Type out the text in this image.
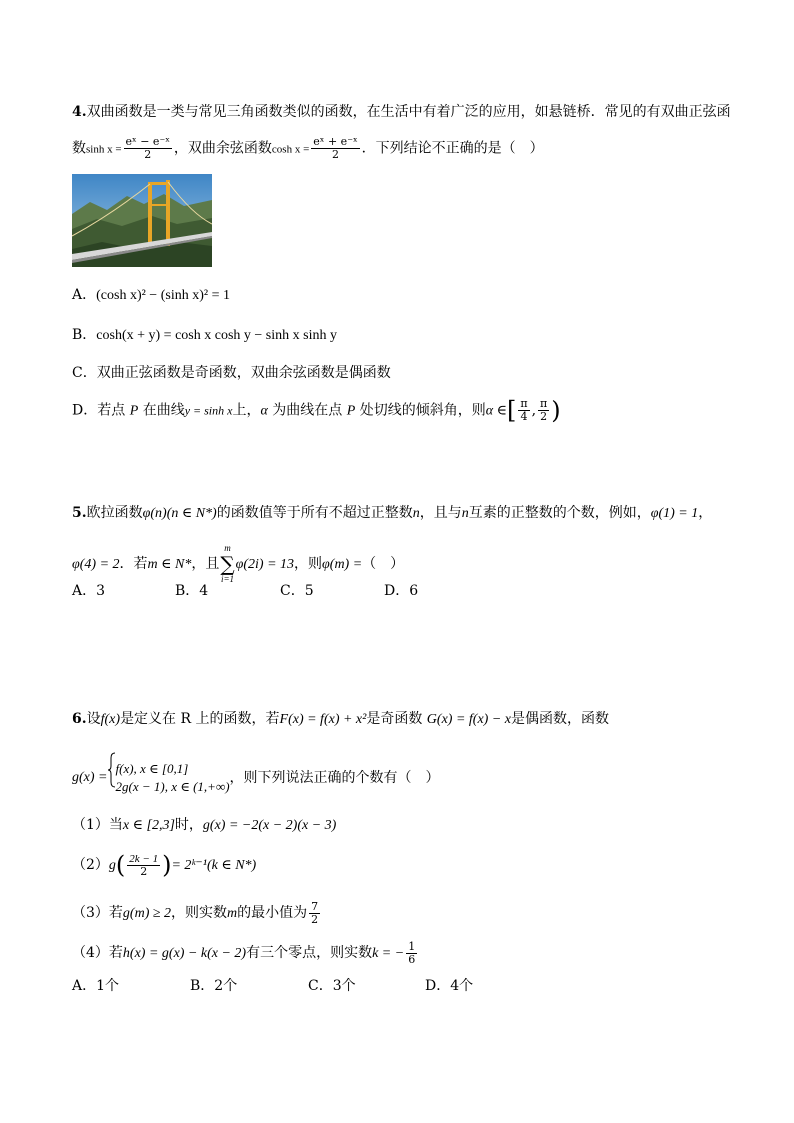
4.双曲函数是一类与常见三角函数类似的函数，在生活中有着广泛的应用，如悬链桥．常见的有双曲正弦函
数$\sinh x = \frac{\text{eˣ − e⁻ˣ}}{2}$ ，双曲余弦函数$\cosh x = \frac{\text{eˣ + e⁻ˣ}}{2}$ ．下列结论不正确的是（　）
A．(cosh x)² − (sinh x)² = 1
B．cosh(x + y) = cosh x cosh y − sinh x sinh y
C．双曲正弦函数是奇函数，双曲余弦函数是偶函数
D．若点 P 在曲线y = sinh x上，α 为曲线在点 P 处切线的倾斜角，则α ∈[ $\frac{\pi}{4}$ , $\frac{\pi}{2}$ )
5.欧拉函数φ(n)(n ∈ N*)的函数值等于所有不超过正整数n，且与n互素的正整数的个数，例如，φ(1) = 1，
φ(4) = 2．若m ∈ N*，且m
∑
i=1φ(2i) = 13，则φ(m) =（　）
A．3	B．4	C．5	D．6
6.设f(x)是定义在 R 上的函数，若F(x) = f(x) + x²是奇函数 G(x) = f(x) − x是偶函数，函数
g(x) =
f(x), x ∈ [0,1]
2g(x − 1), x ∈ (1,+∞)
，则下列说法正确的个数有（　）
（1）当x ∈ [2,3]时，g(x) = −2(x − 2)(x − 3)
$(2)g( \frac{2k - 1}{2}$ )= 2ᵏ⁻¹(k ∈ N*)
（3）若g(m) ≥ 2，则实数m的最小值为 $\frac{7}{2}$
（4）若h(x) = g(x) − k(x − 2)有三个零点，则实数k = − $\frac{1}{6}$
A．1个	B．2个	C．3个	D．4个
